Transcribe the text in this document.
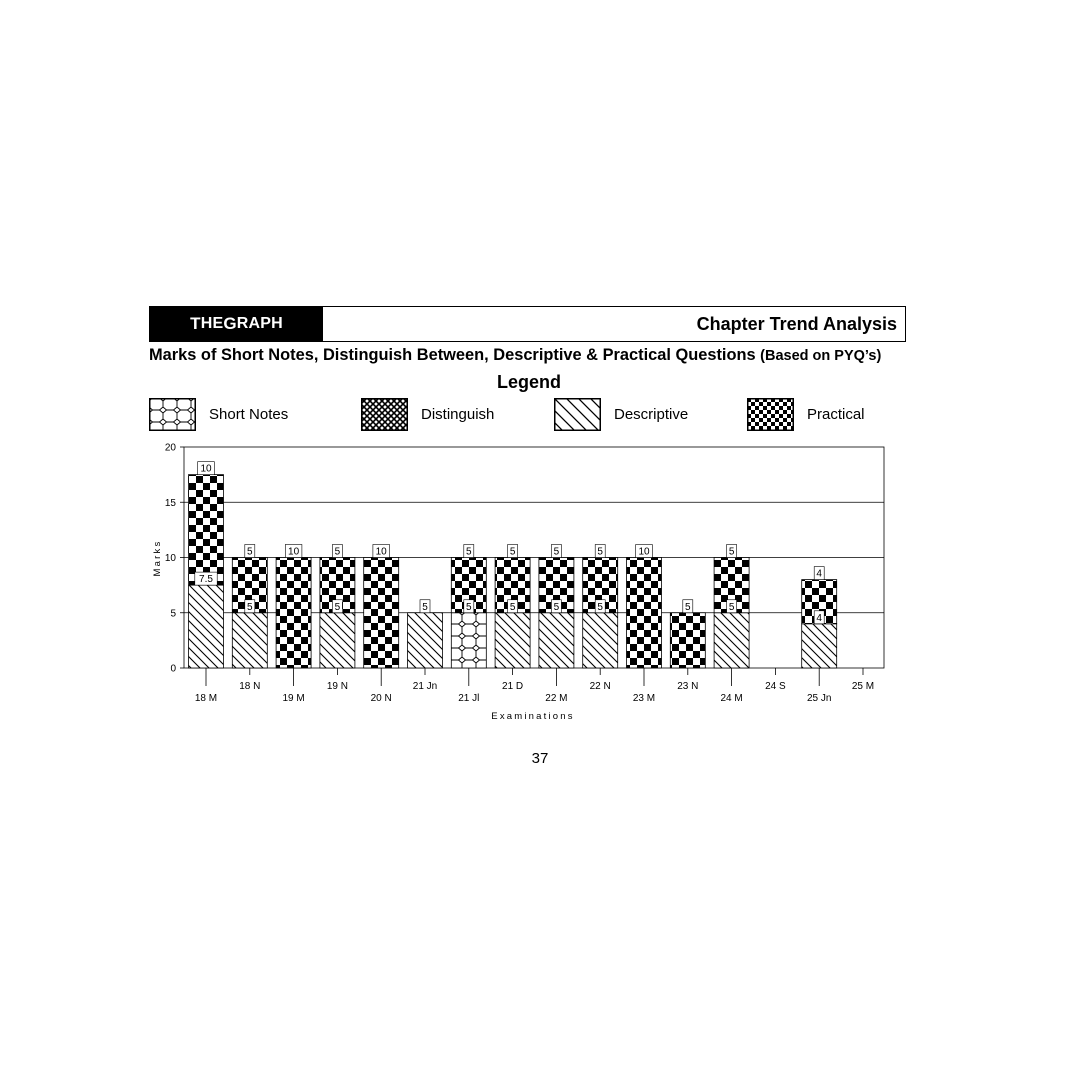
T HE G RAPH	Chapter Trend Analysis
Marks of Short Notes, Distinguish Between, Descriptive & Practical Questions (Based on PYQ’s)
Legend
Short Notes	Distinguish	Descriptive	Practical
0
5
10
15
20
7.5
10
18 M
5
5
18 N
10
19 M
5
5
19 N
10
20 N
5
21 Jn
5
5
21 Jl
5
5
21 D
5
5
22 M
5
5
22 N
10
23 M
5
23 N
5
5
24 M
24 S
4
4
25 Jn
25 M
Examinations
Marks
37
